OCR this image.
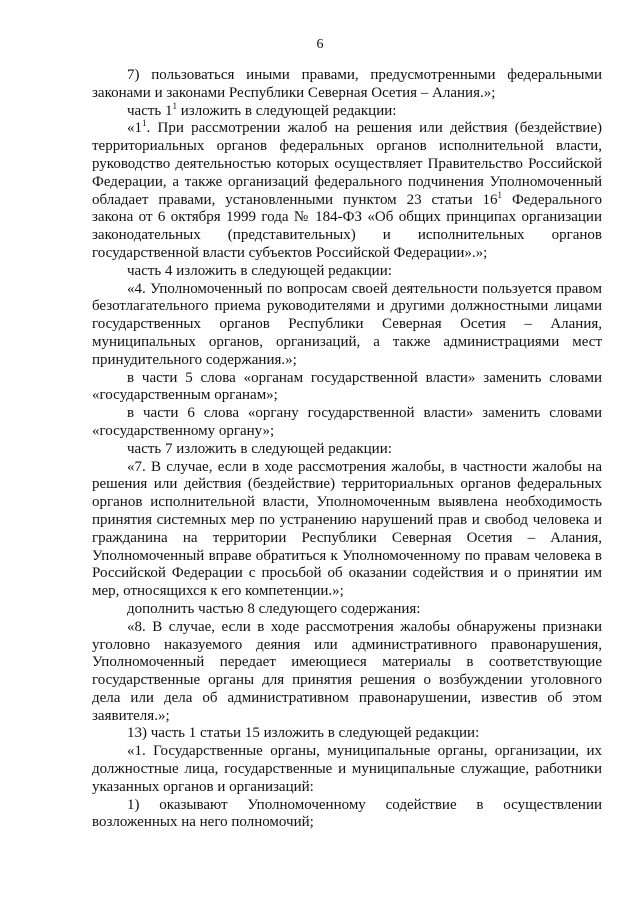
6

7) пользоваться иными правами, предусмотренными федеральными законами и законами Республики Северная Осетия – Алания.»;

часть $1^1$ изложить в следующей редакции:

«$1^1$. При рассмотрении жалоб на решения или действия (бездействие) территориальных органов федеральных органов исполнительной власти, руководство деятельностью которых осуществляет Правительство Российской Федерации, а также организаций федерального подчинения Уполномоченный обладает правами, установленными пунктом 23 статьи $16^1$ Федерального закона от 6 октября 1999 года № 184-ФЗ «Об общих принципах организации законодательных (представительных) и исполнительных органов государственной власти субъектов Российской Федерации».»;

часть 4 изложить в следующей редакции:

«4. Уполномоченный по вопросам своей деятельности пользуется правом безотлагательного приема руководителями и другими должностными лицами государственных органов Республики Северная Осетия – Алания, муниципальных органов, организаций, а также администрациями мест принудительного содержания.»;

в части 5 слова «органам государственной власти» заменить словами «государственным органам»;

в части 6 слова «органу государственной власти» заменить словами «государственному органу»;

часть 7 изложить в следующей редакции:

«7. В случае, если в ходе рассмотрения жалобы, в частности жалобы на решения или действия (бездействие) территориальных органов федеральных органов исполнительной власти, Уполномоченным выявлена необходимость принятия системных мер по устранению нарушений прав и свобод человека и гражданина на территории Республики Северная Осетия – Алания, Уполномоченный вправе обратиться к Уполномоченному по правам человека в Российской Федерации с просьбой об оказании содействия и о принятии им мер, относящихся к его компетенции.»;

дополнить частью 8 следующего содержания:

«8. В случае, если в ходе рассмотрения жалобы обнаружены признаки уголовно наказуемого деяния или административного правонарушения, Уполномоченный передает имеющиеся материалы в соответствующие государственные органы для принятия решения о возбуждении уголовного дела или дела об административном правонарушении, известив об этом заявителя.»;

13) часть 1 статьи 15 изложить в следующей редакции:

«1. Государственные органы, муниципальные органы, организации, их должностные лица, государственные и муниципальные служащие, работники указанных органов и организаций:

1) оказывают Уполномоченному содействие в осуществлении возложенных на него полномочий;
